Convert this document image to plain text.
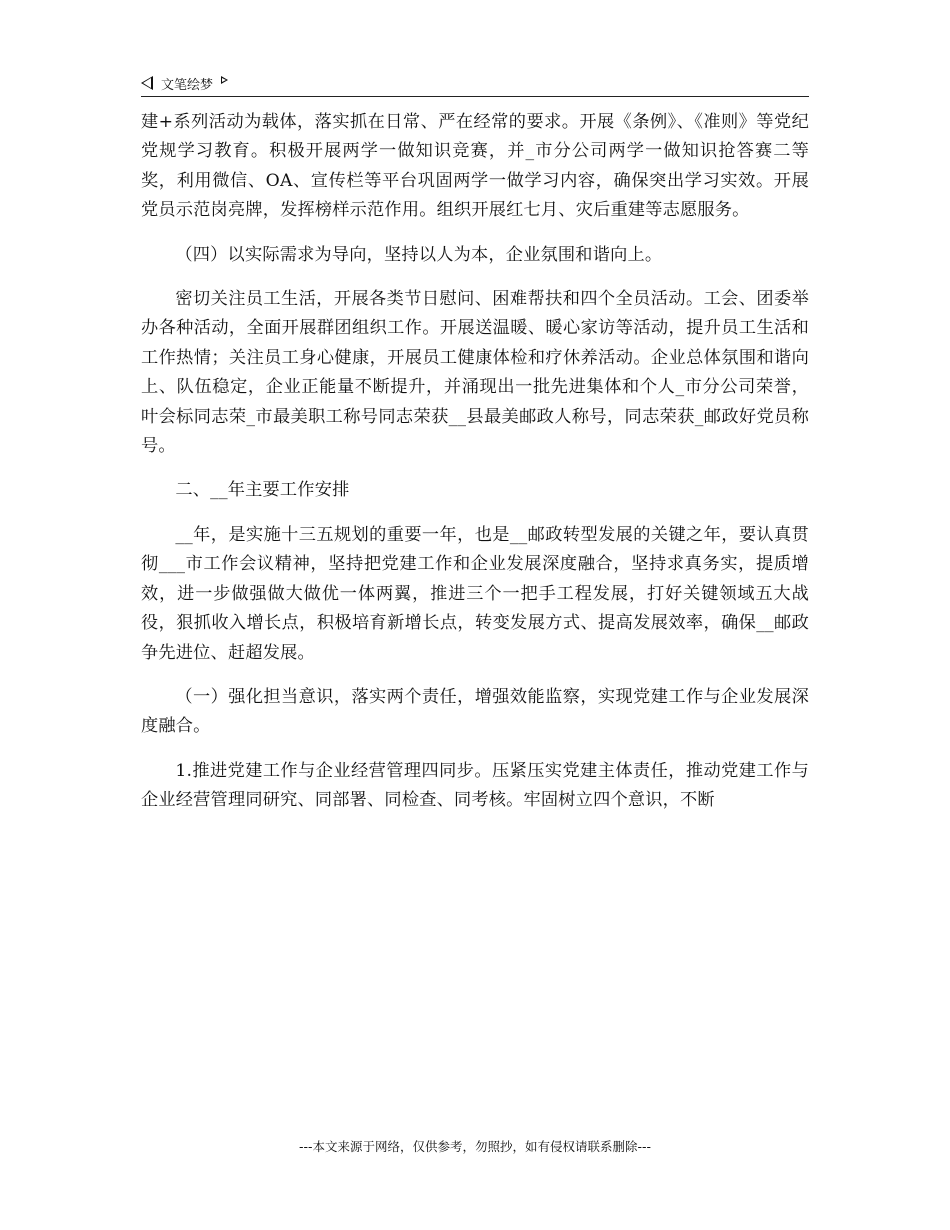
文笔绘梦

建+系列活动为载体，落实抓在日常、严在经常的要求。开展《条例》、《准则》等党纪党规学习教育。积极开展两学一做知识竞赛，并_市分公司两学一做知识抢答赛二等奖，利用微信、OA、宣传栏等平台巩固两学一做学习内容，确保突出学习实效。开展党员示范岗亮牌，发挥榜样示范作用。组织开展红七月、灾后重建等志愿服务。

（四）以实际需求为导向，坚持以人为本，企业氛围和谐向上。

密切关注员工生活，开展各类节日慰问、困难帮扶和四个全员活动。工会、团委举办各种活动，全面开展群团组织工作。开展送温暖、暖心家访等活动，提升员工生活和工作热情；关注员工身心健康，开展员工健康体检和疗休养活动。企业总体氛围和谐向上、队伍稳定，企业正能量不断提升，并涌现出一批先进集体和个人_市分公司荣誉，叶会标同志荣_市最美职工称号同志荣获__县最美邮政人称号，同志荣获_邮政好党员称号。

二、__年主要工作安排

__年，是实施十三五规划的重要一年，也是__邮政转型发展的关键之年，要认真贯彻___市工作会议精神，坚持把党建工作和企业发展深度融合，坚持求真务实，提质增效，进一步做强做大做优一体两翼，推进三个一把手工程发展，打好关键领域五大战役，狠抓收入增长点，积极培育新增长点，转变发展方式、提高发展效率，确保__邮政争先进位、赶超发展。

（一）强化担当意识，落实两个责任，增强效能监察，实现党建工作与企业发展深度融合。

1.推进党建工作与企业经营管理四同步。压紧压实党建主体责任，推动党建工作与企业经营管理同研究、同部署、同检查、同考核。牢固树立四个意识，不断

---本文来源于网络，仅供参考，勿照抄，如有侵权请联系删除---
